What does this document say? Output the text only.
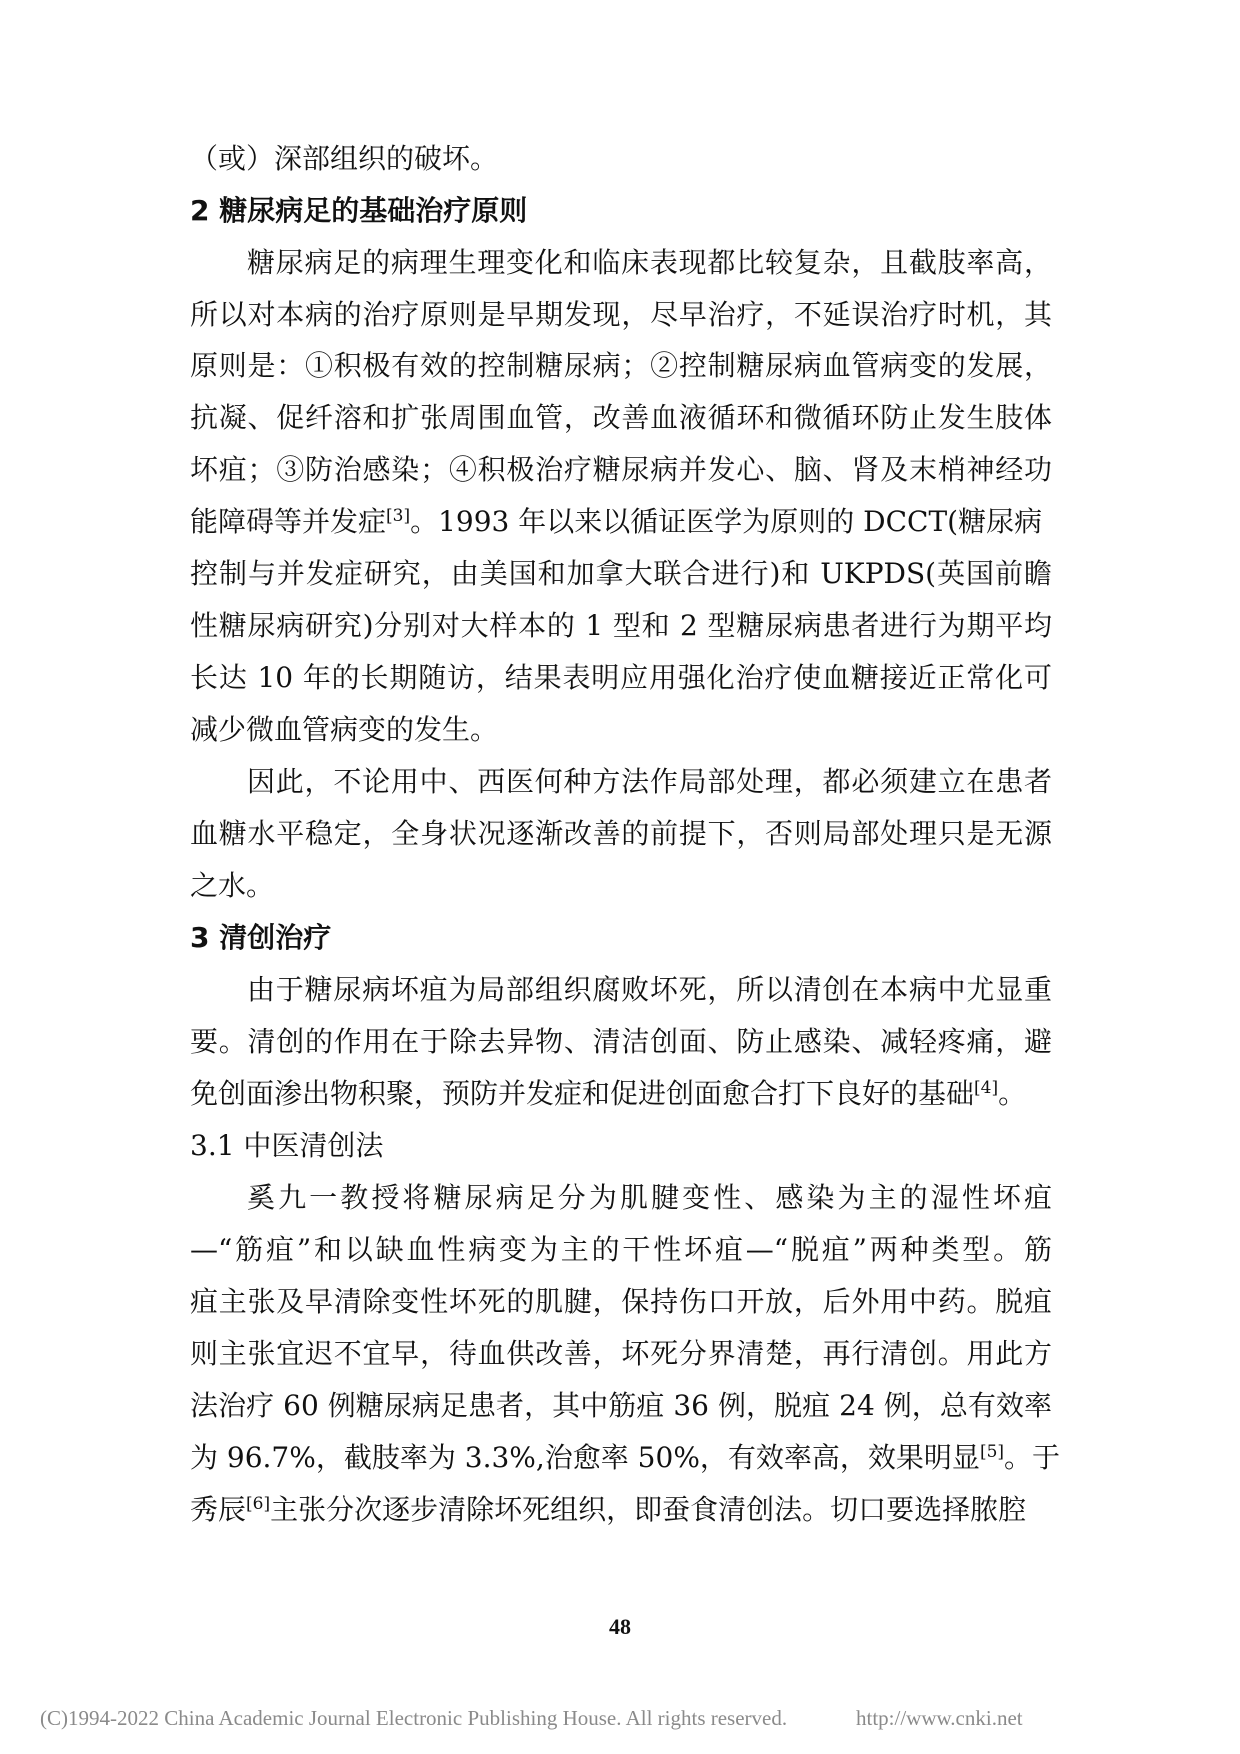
（或）深部组织的破坏。
2 糖尿病足的基础治疗原则
糖尿病足的病理生理变化和临床表现都比较复杂，且截肢率高，
所以对本病的治疗原则是早期发现，尽早治疗，不延误治疗时机，其
原则是：①积极有效的控制糖尿病；②控制糖尿病血管病变的发展，
抗凝、促纤溶和扩张周围血管，改善血液循环和微循环防止发生肢体
坏疽；③防治感染；④积极治疗糖尿病并发心、脑、肾及末梢神经功
能障碍等并发症[3]。1993 年以来以循证医学为原则的 DCCT(糖尿病
控制与并发症研究，由美国和加拿大联合进行)和 UKPDS(英国前瞻
性糖尿病研究)分别对大样本的 1 型和 2 型糖尿病患者进行为期平均
长达 10 年的长期随访，结果表明应用强化治疗使血糖接近正常化可
减少微血管病变的发生。
因此，不论用中、西医何种方法作局部处理，都必须建立在患者
血糖水平稳定，全身状况逐渐改善的前提下，否则局部处理只是无源
之水。
3 清创治疗
由于糖尿病坏疽为局部组织腐败坏死，所以清创在本病中尤显重
要。清创的作用在于除去异物、清洁创面、防止感染、减轻疼痛，避
免创面渗出物积聚，预防并发症和促进创面愈合打下良好的基础[4]。
3.1 中医清创法
奚九一教授将糖尿病足分为肌腱变性、感染为主的湿性坏疽
—“筋疽”和以缺血性病变为主的干性坏疽—“脱疽”两种类型。筋
疽主张及早清除变性坏死的肌腱，保持伤口开放，后外用中药。脱疽
则主张宜迟不宜早，待血供改善，坏死分界清楚，再行清创。用此方
法治疗 60 例糖尿病足患者，其中筋疽 36 例，脱疽 24 例，总有效率
为 96.7%，截肢率为 3.3%,治愈率 50%，有效率高，效果明显[5]。于
秀辰[6]主张分次逐步清除坏死组织，即蚕食清创法。切口要选择脓腔
48
(C)1994-2022 China Academic Journal Electronic Publishing House. All rights reserved.	http://www.cnki.net
